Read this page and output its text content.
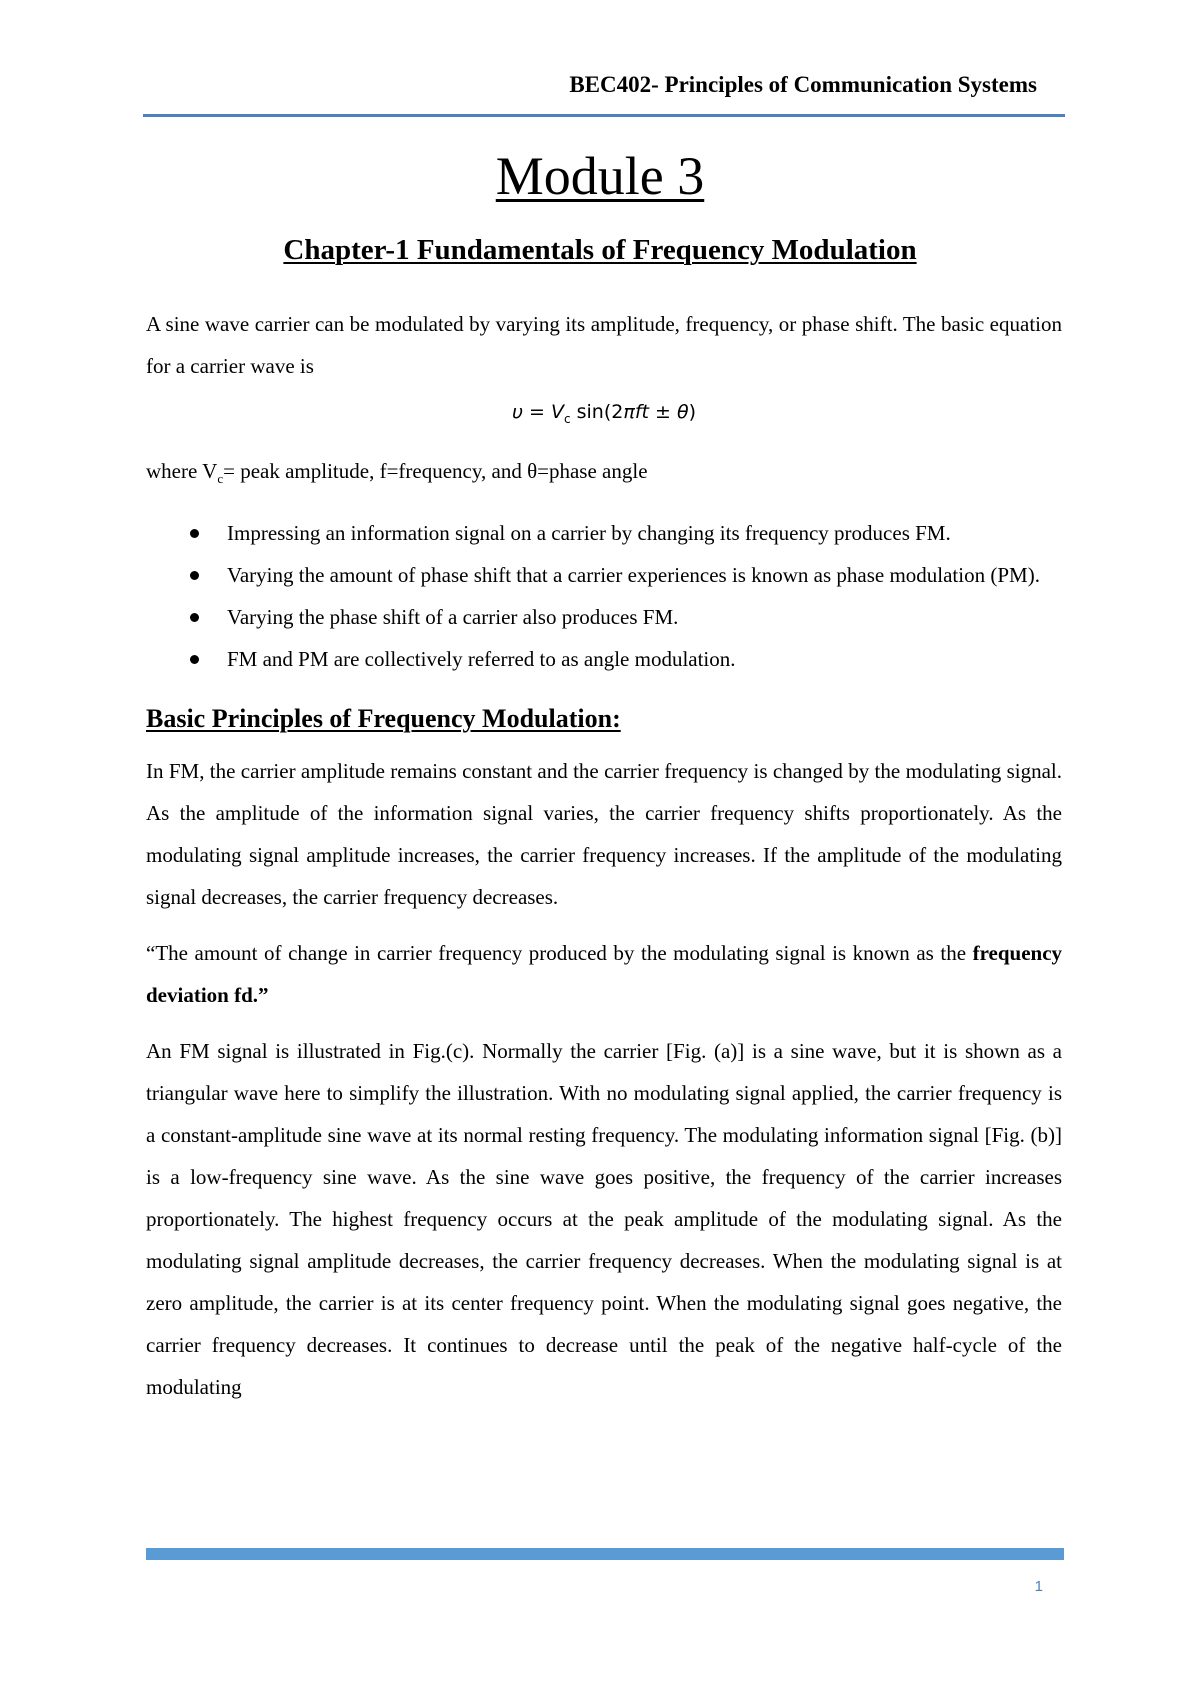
BEC402- Principles of Communication Systems
Module 3
Chapter-1 Fundamentals of Frequency Modulation

A sine wave carrier can be modulated by varying its amplitude, frequency, or phase shift. The basic equation for a carrier wave is

$\upsilon = V_c$ sin(2πft ± θ)

where $V_c=$ peak amplitude, f=frequency, and θ=phase angle

Impressing an information signal on a carrier by changing its frequency produces FM.
Varying the amount of phase shift that a carrier experiences is known as phase modulation (PM).
Varying the phase shift of a carrier also produces FM.
FM and PM are collectively referred to as angle modulation.

Basic Principles of Frequency Modulation:

In FM, the carrier amplitude remains constant and the carrier frequency is changed by the modulating signal. As the amplitude of the information signal varies, the carrier frequency shifts proportionately. As the modulating signal amplitude increases, the carrier frequency increases. If the amplitude of the modulating signal decreases, the carrier frequency decreases.

“The amount of change in carrier frequency produced by the modulating signal is known as the frequency deviation fd.”

An FM signal is illustrated in Fig.(c). Normally the carrier [Fig. (a)] is a sine wave, but it is shown as a triangular wave here to simplify the illustration. With no modulating signal applied, the carrier frequency is a constant-amplitude sine wave at its normal resting frequency. The modulating information signal [Fig. (b)] is a low-frequency sine wave. As the sine wave goes positive, the frequency of the carrier increases proportionately. The highest frequency occurs at the peak amplitude of the modulating signal. As the modulating signal amplitude decreases, the carrier frequency decreases. When the modulating signal is at zero amplitude, the carrier is at its center frequency point. When the modulating signal goes negative, the carrier frequency decreases. It continues to decrease until the peak of the negative half-cycle of the modulating

1
